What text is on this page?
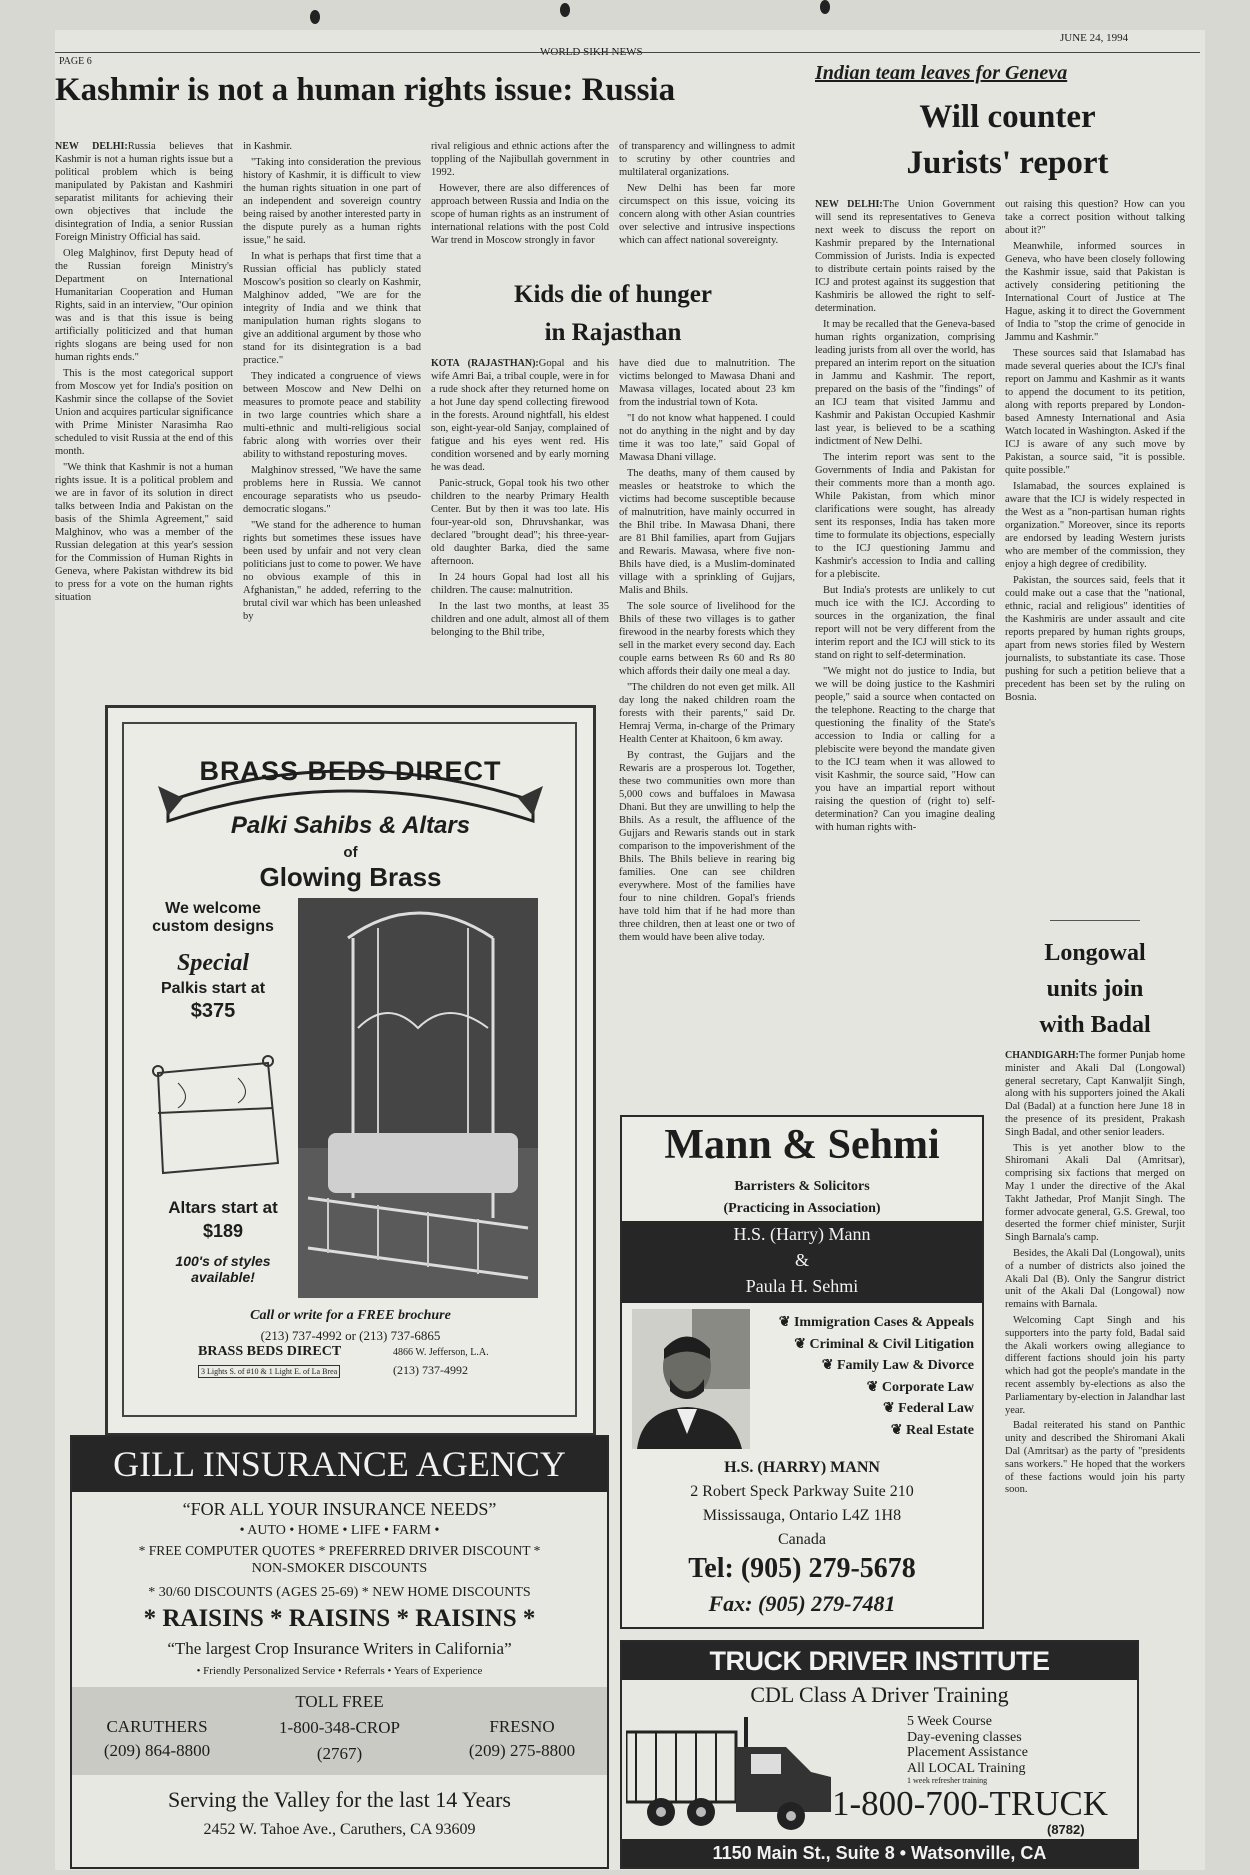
PAGE 6
WORLD SIKH NEWS
JUNE 24, 1994
Kashmir is not a human rights issue: Russia

NEW DELHI:Russia believes that Kashmir is not a human rights issue but a political problem which is being manipulated by Pakistan and Kashmiri separatist militants for achieving their own objectives that include the disintegration of India, a senior Russian Foreign Ministry Official has said.

Oleg Malghinov, first Deputy head of the Russian foreign Ministry's Department on International Humanitarian Cooperation and Human Rights, said in an interview, "Our opinion was and is that this issue is being artificially politicized and that human rights slogans are being used for non human rights ends."

This is the most categorical support from Moscow yet for India's position on Kashmir since the collapse of the Soviet Union and acquires particular significance with Prime Minister Narasimha Rao scheduled to visit Russia at the end of this month.

"We think that Kashmir is not a human rights issue. It is a political problem and we are in favor of its solution in direct talks between India and Pakistan on the basis of the Shimla Agreement," said Malghinov, who was a member of the Russian delegation at this year's session for the Commission of Human Rights in Geneva, where Pakistan withdrew its bid to press for a vote on the human rights situation

in Kashmir.

"Taking into consideration the previous history of Kashmir, it is difficult to view the human rights situation in one part of an independent and sovereign country being raised by another interested party in the dispute purely as a human rights issue," he said.

In what is perhaps that first time that a Russian official has publicly stated Moscow's position so clearly on Kashmir, Malghinov added, "We are for the integrity of India and we think that manipulation human rights slogans to give an additional argument by those who stand for its disintegration is a bad practice."

They indicated a congruence of views between Moscow and New Delhi on measures to promote peace and stability in two large countries which share a multi-ethnic and multi-religious social fabric along with worries over their ability to withstand reposturing moves.

Malghinov stressed, "We have the same problems here in Russia. We cannot encourage separatists who us pseudo-democratic slogans."

"We stand for the adherence to human rights but sometimes these issues have been used by unfair and not very clean politicians just to come to power. We have no obvious example of this in Afghanistan," he added, referring to the brutal civil war which has been unleashed by

rival religious and ethnic actions after the toppling of the Najibullah government in 1992.

However, there are also differences of approach between Russia and India on the scope of human rights as an instrument of international relations with the post Cold War trend in Moscow strongly in favor

of transparency and willingness to admit to scrutiny by other countries and multilateral organizations.

New Delhi has been far more circumspect on this issue, voicing its concern along with other Asian countries over selective and intrusive inspections which can affect national sovereignty.

Kids die of hunger
in Rajasthan

KOTA (RAJASTHAN):Gopal and his wife Amri Bai, a tribal couple, were in for a rude shock after they returned home on a hot June day spend collecting firewood in the forests. Around nightfall, his eldest son, eight-year-old Sanjay, complained of fatigue and his eyes went red. His condition worsened and by early morning he was dead.

Panic-struck, Gopal took his two other children to the nearby Primary Health Center. But by then it was too late. His four-year-old son, Dhruvshankar, was declared "brought dead"; his three-year-old daughter Barka, died the same afternoon.

In 24 hours Gopal had lost all his children. The cause: malnutrition.

In the last two months, at least 35 children and one adult, almost all of them belonging to the Bhil tribe,

have died due to malnutrition. The victims belonged to Mawasa Dhani and Mawasa villages, located about 23 km from the industrial town of Kota.

"I do not know what happened. I could not do anything in the night and by day time it was too late," said Gopal of Mawasa Dhani village.

The deaths, many of them caused by measles or heatstroke to which the victims had become susceptible because of malnutrition, have mainly occurred in the Bhil tribe. In Mawasa Dhani, there are 81 Bhil families, apart from Gujjars and Rewaris. Mawasa, where five non-Bhils have died, is a Muslim-dominated village with a sprinkling of Gujjars, Malis and Bhils.

The sole source of livelihood for the Bhils of these two villages is to gather firewood in the nearby forests which they sell in the market every second day. Each couple earns between Rs 60 and Rs 80 which affords their daily one meal a day.

"The children do not even get milk. All day long the naked children roam the forests with their parents," said Dr. Hemraj Verma, in-charge of the Primary Health Center at Khaitoon, 6 km away.

By contrast, the Gujjars and the Rewaris are a prosperous lot. Together, these two communities own more than 5,000 cows and buffaloes in Mawasa Dhani. But they are unwilling to help the Bhils. As a result, the affluence of the Gujjars and Rewaris stands out in stark comparison to the impoverishment of the Bhils. The Bhils believe in rearing big families. One can see children everywhere. Most of the families have four to nine children. Gopal's friends have told him that if he had more than three children, then at least one or two of them would have been alive today.

Indian team leaves for Geneva
Will counter
Jurists' report

NEW DELHI:The Union Government will send its representatives to Geneva next week to discuss the report on Kashmir prepared by the International Commission of Jurists. India is expected to distribute certain points raised by the ICJ and protest against its suggestion that Kashmiris be allowed the right to self-determination.

It may be recalled that the Geneva-based human rights organization, comprising leading jurists from all over the world, has prepared an interim report on the situation in Jammu and Kashmir. The report, prepared on the basis of the "findings" of an ICJ team that visited Jammu and Kashmir and Pakistan Occupied Kashmir last year, is believed to be a scathing indictment of New Delhi.

The interim report was sent to the Governments of India and Pakistan for their comments more than a month ago. While Pakistan, from which minor clarifications were sought, has already sent its responses, India has taken more time to formulate its objections, especially to the ICJ questioning Jammu and Kashmir's accession to India and calling for a plebiscite.

But India's protests are unlikely to cut much ice with the ICJ. According to sources in the organization, the final report will not be very different from the interim report and the ICJ will stick to its stand on right to self-determination.

"We might not do justice to India, but we will be doing justice to the Kashmiri people," said a source when contacted on the telephone. Reacting to the charge that questioning the finality of the State's accession to India or calling for a plebiscite were beyond the mandate given to the ICJ team when it was allowed to visit Kashmir, the source said, "How can you have an impartial report without raising the question of (right to) self-determination? Can you imagine dealing with human rights with-

out raising this question? How can you take a correct position without talking about it?"

Meanwhile, informed sources in Geneva, who have been closely following the Kashmir issue, said that Pakistan is actively considering petitioning the International Court of Justice at The Hague, asking it to direct the Government of India to "stop the crime of genocide in Jammu and Kashmir."

These sources said that Islamabad has made several queries about the ICJ's final report on Jammu and Kashmir as it wants to append the document to its petition, along with reports prepared by London-based Amnesty International and Asia Watch located in Washington. Asked if the ICJ is aware of any such move by Pakistan, a source said, "it is possible. quite possible."

Islamabad, the sources explained is aware that the ICJ is widely respected in the West as a "non-partisan human rights organization." Moreover, since its reports are endorsed by leading Western jurists who are member of the commission, they enjoy a high degree of credibility.

Pakistan, the sources said, feels that it could make out a case that the "national, ethnic, racial and religious" identities of the Kashmiris are under assault and cite reports prepared by human rights groups, apart from news stories filed by Western journalists, to substantiate its case. Those pushing for such a petition believe that a precedent has been set by the ruling on Bosnia.

Longowal
units join
with Badal

CHANDIGARH:The former Punjab home minister and Akali Dal (Longowal) general secretary, Capt Kanwaljit Singh, along with his supporters joined the Akali Dal (Badal) at a function here June 18 in the presence of its president, Prakash Singh Badal, and other senior leaders.

This is yet another blow to the Shiromani Akali Dal (Amritsar), comprising six factions that merged on May 1 under the directive of the Akal Takht Jathedar, Prof Manjit Singh. The former advocate general, G.S. Grewal, too deserted the former chief minister, Surjit Singh Barnala's camp.

Besides, the Akali Dal (Longowal), units of a number of districts also joined the Akali Dal (B). Only the Sangrur district unit of the Akali Dal (Longowal) now remains with Barnala.

Welcoming Capt Singh and his supporters into the party fold, Badal said the Akali workers owing allegiance to different factions should join his party which had got the people's mandate in the recent assembly by-elections as also the Parliamentary by-election in Jalandhar last year.

Badal reiterated his stand on Panthic unity and described the Shiromani Akali Dal (Amritsar) as the party of "presidents sans workers." He hoped that the workers of these factions would join his party soon.

BRASS BEDS DIRECT
Palki Sahibs & Altars
of
Glowing Brass
We welcome
custom designs
Special
Palkis start at
$375
Altars start at
$189
100's of styles
available!
Call or write for a FREE brochure
(213) 737-4992 or (213) 737-6865
BRASS BEDS DIRECT	4866 W. Jefferson, L.A.
3 Lights S. of #10 & 1 Light E. of La Brea	(213) 737-4992
GILL INSURANCE AGENCY
“FOR ALL YOUR INSURANCE NEEDS”
• AUTO • HOME • LIFE • FARM •
* FREE COMPUTER QUOTES * PREFERRED DRIVER DISCOUNT *
NON-SMOKER DISCOUNTS
* 30/60 DISCOUNTS (AGES 25-69) * NEW HOME DISCOUNTS
* RAISINS * RAISINS * RAISINS *
“The largest Crop Insurance Writers in California”
• Friendly Personalized Service • Referrals • Years of Experience
CARUTHERS
(209) 864-8800
TOLL FREE
1-800-348-CROP
(2767)
FRESNO
(209) 275-8800
Serving the Valley for the last 14 Years
2452 W. Tahoe Ave., Caruthers, CA 93609
Mann & Sehmi
Barristers & Solicitors
(Practicing in Association)
H.S. (Harry) Mann
&
Paula H. Sehmi
❦ Immigration Cases & Appeals
❦ Criminal & Civil Litigation
❦ Family Law & Divorce
❦ Corporate Law
❦ Federal Law
❦ Real Estate
H.S. (HARRY) MANN
2 Robert Speck Parkway Suite 210
Mississauga, Ontario L4Z 1H8
Canada
Tel: (905) 279-5678
Fax: (905) 279-7481
TRUCK DRIVER INSTITUTE
CDL Class A Driver Training
5 Week Course
Day-evening classes
Placement Assistance
All LOCAL Training
1 week refresher training
1-800-700-TRUCK
(8782)
1150 Main St., Suite 8 • Watsonville, CA
